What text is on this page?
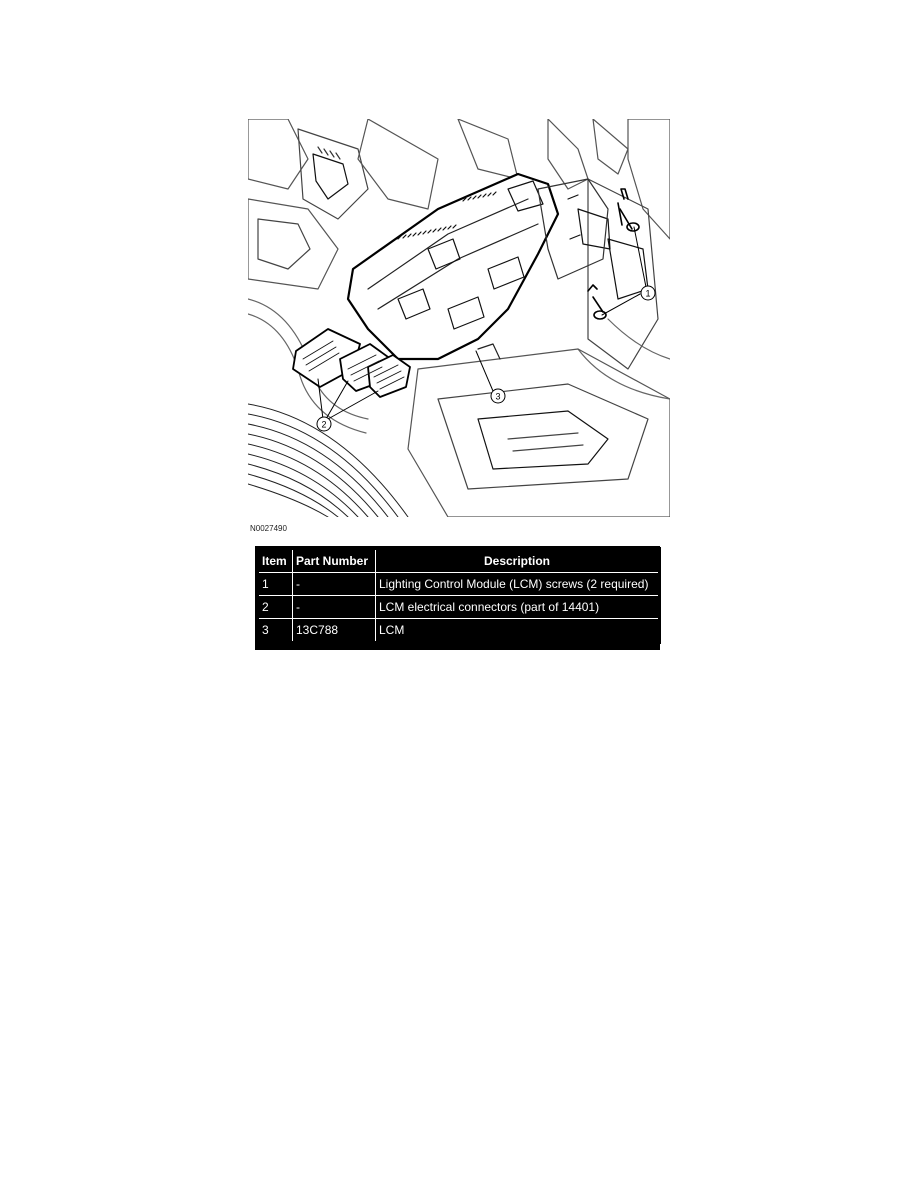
1
2
3
N0027490
Item	Part Number	Description
1	-	Lighting Control Module (LCM) screws (2 required)
2	-	LCM electrical connectors (part of 14401)
3	13C788	LCM
